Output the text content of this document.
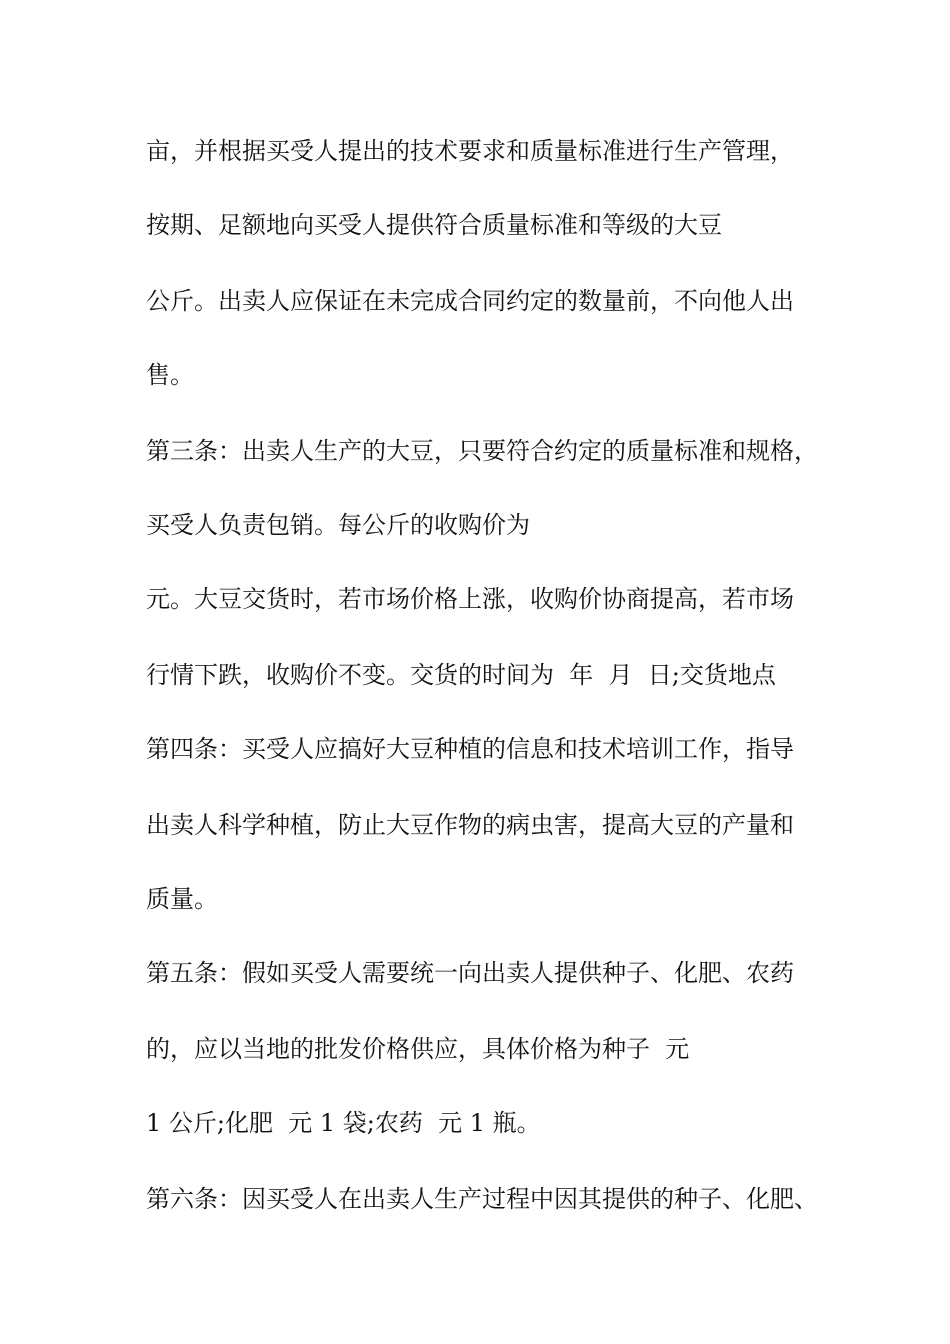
亩，并根据买受人提出的技术要求和质量标准进行生产管理，
按期、足额地向买受人提供符合质量标准和等级的大豆
公斤。出卖人应保证在未完成合同约定的数量前，不向他人出
售。
第三条：出卖人生产的大豆，只要符合约定的质量标准和规格，
买受人负责包销。每公斤的收购价为
元。大豆交货时，若市场价格上涨，收购价协商提高，若市场
行情下跌，收购价不变。交货的时间为  年  月  日;交货地点
第四条：买受人应搞好大豆种植的信息和技术培训工作，指导
出卖人科学种植，防止大豆作物的病虫害，提高大豆的产量和
质量。
第五条：假如买受人需要统一向出卖人提供种子、化肥、农药
的，应以当地的批发价格供应，具体价格为种子  元
1 公斤;化肥  元 1 袋;农药  元 1 瓶。
第六条：因买受人在出卖人生产过程中因其提供的种子、化肥、
